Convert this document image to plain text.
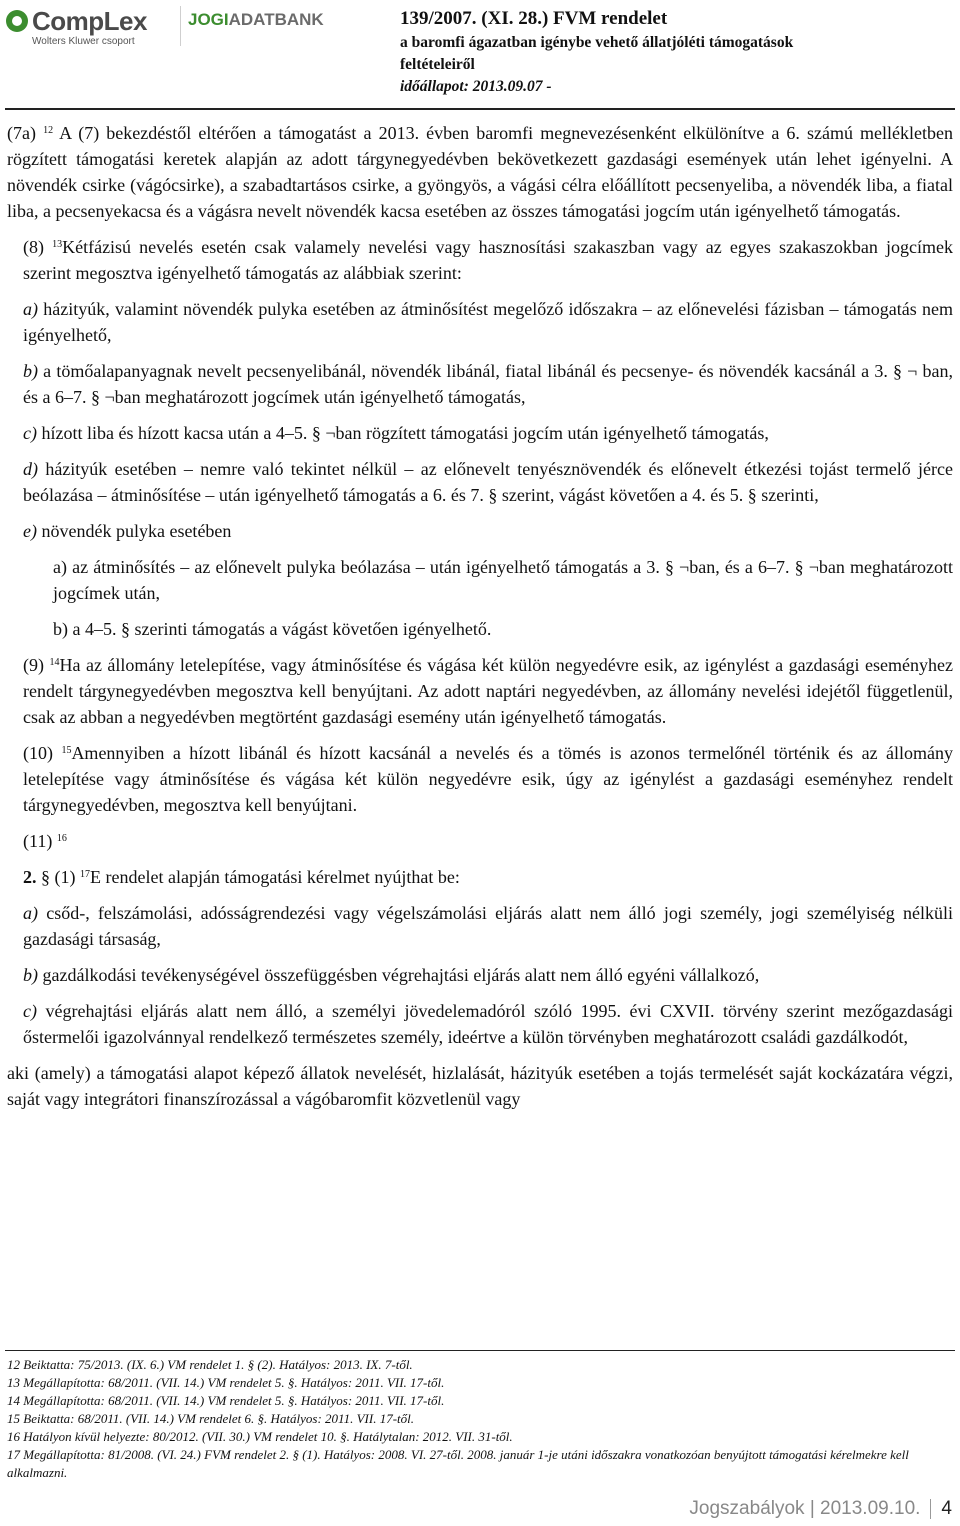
CompLex
Wolters Kluwer csoport
JOGIADATBANK	139/2007. (XI. 28.) FVM rendelet
a baromfi ágazatban igénybe vehető állatjóléti támogatások
feltételeiről
időállapot: 2013.09.07 -

(7a) $^{12}$ A (7) bekezdéstől eltérően a támogatást a 2013. évben baromfi megnevezésenként elkülönítve a 6. számú mellékletben rögzített támogatási keretek alapján az adott tárgynegyedévben bekövetkezett gazdasági események után lehet igényelni. A növendék csirke (vágócsirke), a szabadtartásos csirke, a gyöngyös, a vágási célra előállított pecsenyeliba, a növendék liba, a fiatal liba, a pecsenyekacsa és a vágásra nevelt növendék kacsa esetében az összes támogatási jogcím után igényelhető támogatás.

(8) $^{13}$Kétfázisú nevelés esetén csak valamely nevelési vagy hasznosítási szakaszban vagy az egyes szakaszokban jogcímek szerint megosztva igényelhető támogatás az alábbiak szerint:

a) házityúk, valamint növendék pulyka esetében az átminősítést megelőző időszakra – az előnevelési fázisban – támogatás nem igényelhető,

b) a tömőalapanyagnak nevelt pecsenyelibánál, növendék libánál, fiatal libánál és pecsenye- és növendék kacsánál a 3. § ¬ ban, és a 6–7. § ¬ban meghatározott jogcímek után igényelhető támogatás,

c) hízott liba és hízott kacsa után a 4–5. § ¬ban rögzített támogatási jogcím után igényelhető támogatás,

d) házityúk esetében – nemre való tekintet nélkül – az előnevelt tenyésznövendék és előnevelt étkezési tojást termelő jérce beólazása – átminősítése – után igényelhető támogatás a 6. és 7. § szerint, vágást követően a 4. és 5. § szerinti,

e) növendék pulyka esetében

a) az átminősítés – az előnevelt pulyka beólazása – után igényelhető támogatás a 3. § ¬ban, és a 6–7. § ¬ban meghatározott jogcímek után,

b) a 4–5. § szerinti támogatás a vágást követően igényelhető.

(9) $^{14}$Ha az állomány letelepítése, vagy átminősítése és vágása két külön negyedévre esik, az igénylést a gazdasági eseményhez rendelt tárgynegyedévben megosztva kell benyújtani. Az adott naptári negyedévben, az állomány nevelési idejétől függetlenül, csak az abban a negyedévben megtörtént gazdasági esemény után igényelhető támogatás.

(10) $^{15}$Amennyiben a hízott libánál és hízott kacsánál a nevelés és a tömés is azonos termelőnél történik és az állomány letelepítése vagy átminősítése és vágása két külön negyedévre esik, úgy az igénylést a gazdasági eseményhez rendelt tárgynegyedévben, megosztva kell benyújtani.

(11) $^{16}$

2. § (1) $^{17}$E rendelet alapján támogatási kérelmet nyújthat be:

a) csőd-, felszámolási, adósságrendezési vagy végelszámolási eljárás alatt nem álló jogi személy, jogi személyiség nélküli gazdasági társaság,

b) gazdálkodási tevékenységével összefüggésben végrehajtási eljárás alatt nem álló egyéni vállalkozó,

c) végrehajtási eljárás alatt nem álló, a személyi jövedelemadóról szóló 1995. évi CXVII. törvény szerint mezőgazdasági őstermelői igazolvánnyal rendelkező természetes személy, ideértve a külön törvényben meghatározott családi gazdálkodót,

aki (amely) a támogatási alapot képező állatok nevelését, hizlalását, házityúk esetében a tojás termelését saját kockázatára végzi, saját vagy integrátori finanszírozással a vágóbaromfit közvetlenül vagy

12 Beiktatta: 75/2013. (IX. 6.) VM rendelet 1. § (2). Hatályos: 2013. IX. 7-től.
13 Megállapította: 68/2011. (VII. 14.) VM rendelet 5. §. Hatályos: 2011. VII. 17-től.
14 Megállapította: 68/2011. (VII. 14.) VM rendelet 5. §. Hatályos: 2011. VII. 17-től.
15 Beiktatta: 68/2011. (VII. 14.) VM rendelet 6. §. Hatályos: 2011. VII. 17-től.
16 Hatályon kívül helyezte: 80/2012. (VII. 30.) VM rendelet 10. §. Hatálytalan: 2012. VII. 31-től.
17 Megállapította: 81/2008. (VI. 24.) FVM rendelet 2. § (1). Hatályos: 2008. VI. 27-től. 2008. január 1-je utáni időszakra vonatkozóan benyújtott támogatási kérelmekre kell alkalmazni.
Jogszabályok | 2013.09.10. 4
